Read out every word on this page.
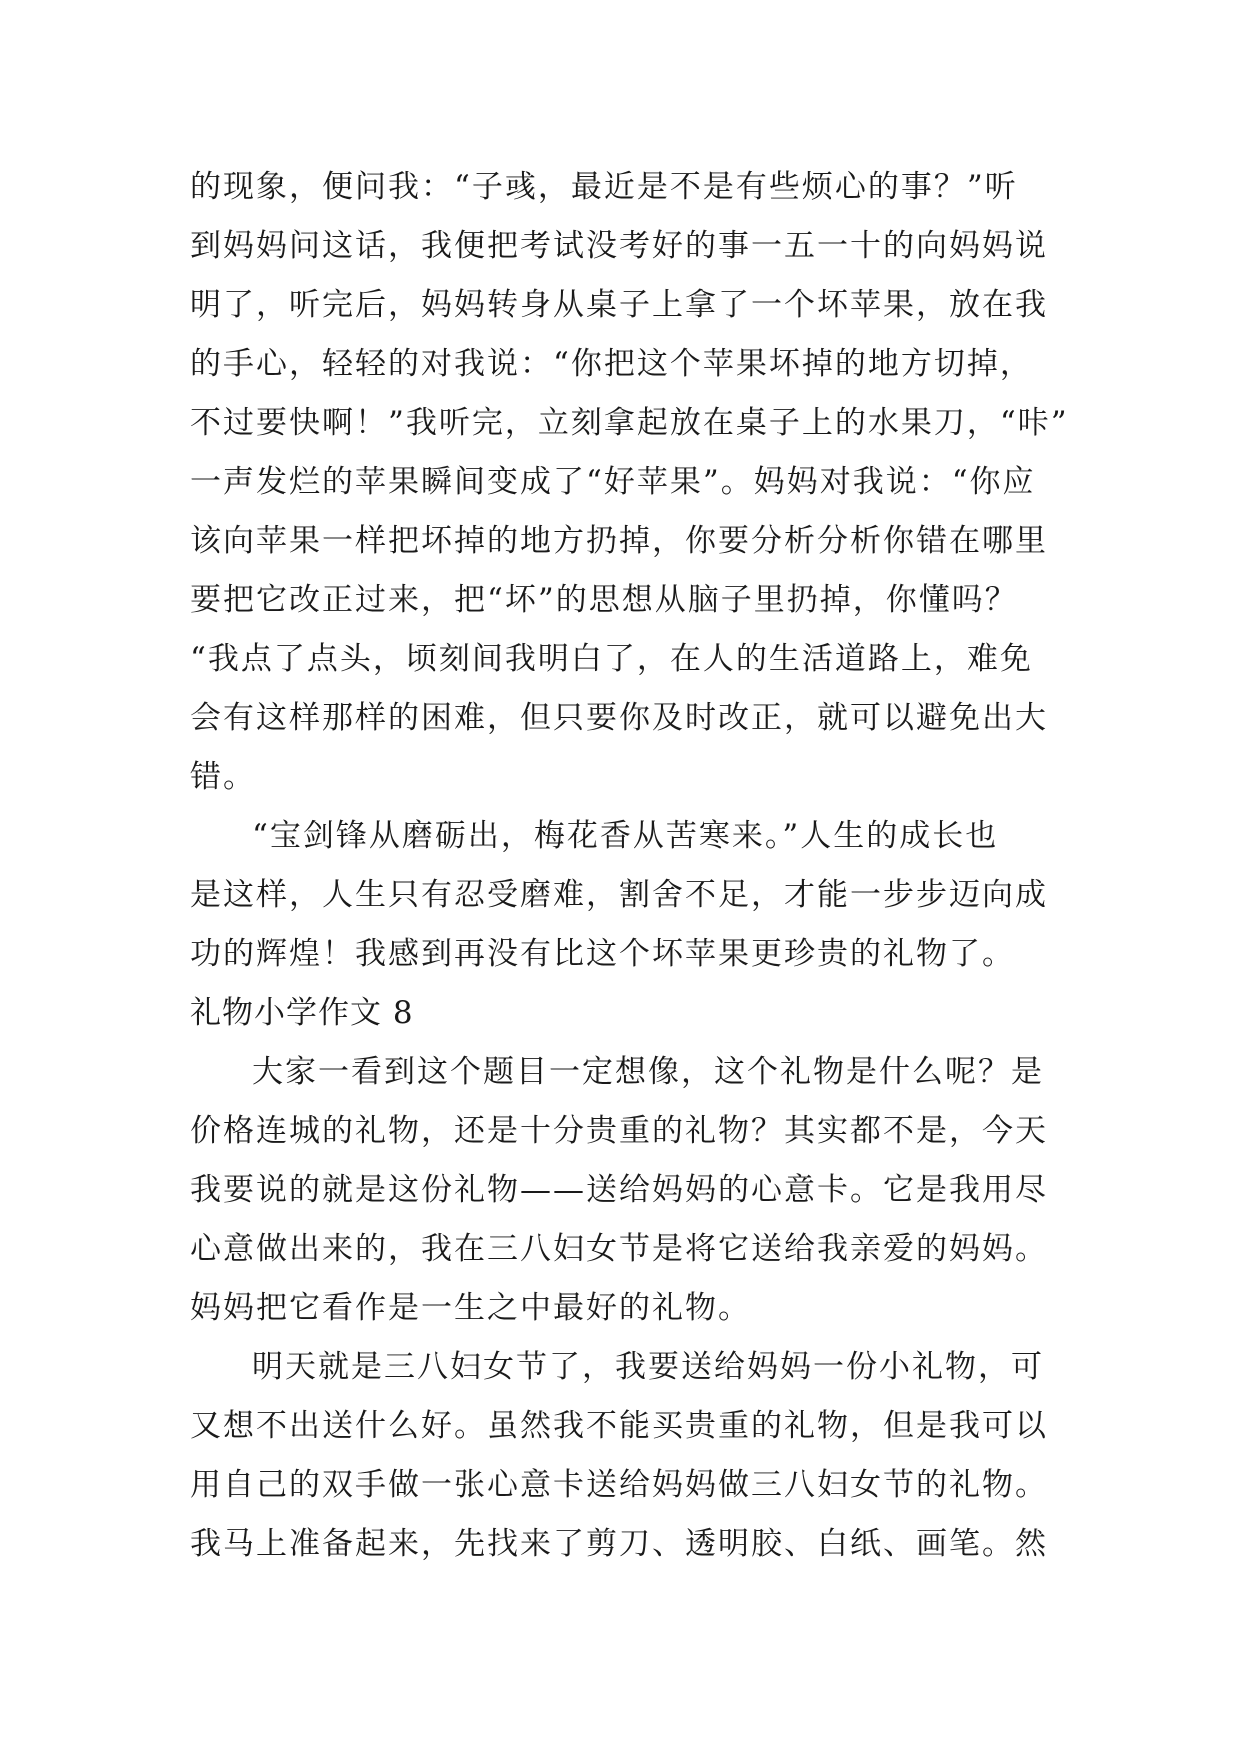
的现象，便问我：“子彧，最近是不是有些烦心的事？”听
到妈妈问这话，我便把考试没考好的事一五一十的向妈妈说
明了，听完后，妈妈转身从桌子上拿了一个坏苹果，放在我
的手心，轻轻的对我说：“你把这个苹果坏掉的地方切掉，
不过要快啊！”我听完，立刻拿起放在桌子上的水果刀，“咔”
一声发烂的苹果瞬间变成了“好苹果”。妈妈对我说：“你应
该向苹果一样把坏掉的地方扔掉，你要分析分析你错在哪里
要把它改正过来，把“坏”的思想从脑子里扔掉，你懂吗？
“我点了点头，顷刻间我明白了，在人的生活道路上，难免
会有这样那样的困难，但只要你及时改正，就可以避免出大
错。
“宝剑锋从磨砺出，梅花香从苦寒来。”人生的成长也
是这样，人生只有忍受磨难，割舍不足，才能一步步迈向成
功的辉煌！我感到再没有比这个坏苹果更珍贵的礼物了。
礼物小学作文 8
大家一看到这个题目一定想像，这个礼物是什么呢？是
价格连城的礼物，还是十分贵重的礼物？其实都不是，今天
我要说的就是这份礼物——送给妈妈的心意卡。它是我用尽
心意做出来的，我在三八妇女节是将它送给我亲爱的妈妈。
妈妈把它看作是一生之中最好的礼物。
明天就是三八妇女节了，我要送给妈妈一份小礼物，可
又想不出送什么好。虽然我不能买贵重的礼物，但是我可以
用自己的双手做一张心意卡送给妈妈做三八妇女节的礼物。
我马上准备起来，先找来了剪刀、透明胶、白纸、画笔。然
